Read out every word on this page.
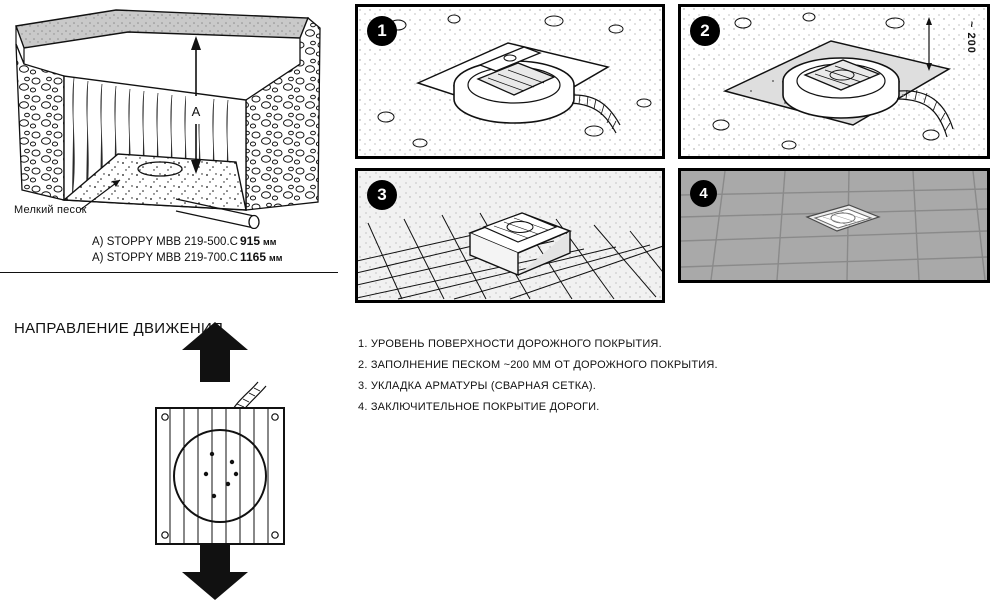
A
Мелкий песок
A) STOPPY MBB 219-500.C 915 мм
A) STOPPY MBB 219-700.C 1165 мм
НАПРАВЛЕНИЕ ДВИЖЕНИЯ.
1	2	~ 200
3	4
1. УРОВЕНЬ ПОВЕРХНОСТИ ДОРОЖНОГО ПОКРЫТИЯ.
2. ЗАПОЛНЕНИЕ ПЕСКОМ ~200 ММ ОТ ДОРОЖНОГО ПОКРЫТИЯ.
3. УКЛАДКА АРМАТУРЫ (СВАРНАЯ СЕТКА).
4. ЗАКЛЮЧИТЕЛЬНОЕ ПОКРЫТИЕ ДОРОГИ.
